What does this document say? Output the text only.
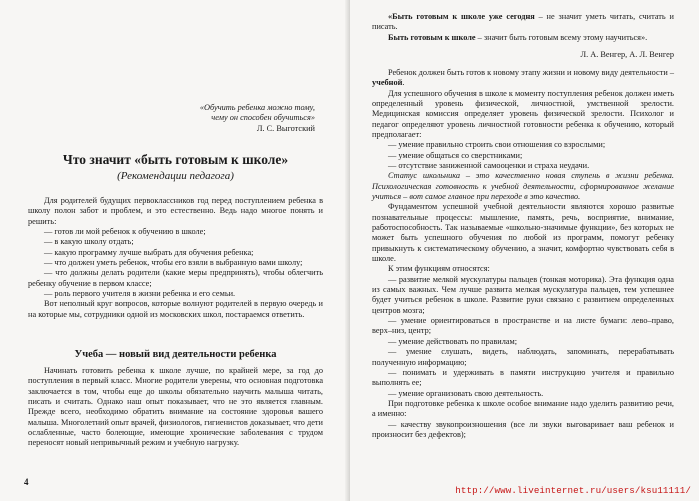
«Обучить ребенка можно тому,

чему он способен обучиться»

Л. С. Выготский

Что значит «быть готовым к школе»
(Рекомендации педагога)

Для родителей будущих первоклассников год перед поступлением ребенка в школу полон забот и проблем, и это естественно. Ведь надо многое понять и решить:

— готов ли мой ребенок к обучению в школе;

— в какую школу отдать;

— какую программу лучше выбрать для обучения ребенка;

— что должен уметь ребенок, чтобы его взяли в выбранную вами школу;

— что должны делать родители (какие меры предпринять), чтобы облегчить ребенку обучение в первом классе;

— роль первого учителя в жизни ребенка и его семьи.

Вот неполный круг вопросов, которые волнуют родителей в первую очередь и на которые мы, сотрудники одной из московских школ, постараемся ответить.

Учеба — новый вид деятельности ребенка

Начинать готовить ребенка к школе лучше, по крайней мере, за год до поступления в первый класс. Многие родители уверены, что основная подготовка заключается в том, чтобы еще до школы обязательно научить малыша читать, писать и считать. Однако наш опыт показывает, что не это является главным. Прежде всего, необходимо обратить внимание на состояние здоровья вашего малыша. Многолетний опыт врачей, физиологов, гигиенистов доказывает, что дети ослабленные, часто болеющие, имеющие хронические заболевания с трудом переносят новый непривычный режим и учебную нагрузку.

4

«Быть готовым к школе уже сегодня – не значит уметь читать, считать и писать.

Быть готовым к школе – значит быть готовым всему этому научиться».

Л. А. Венгер, А. Л. Венгер

Ребенок должен быть готов к новому этапу жизни и новому виду деятельности – учебной.

Для успешного обучения в школе к моменту поступления ребенок должен иметь определенный уровень физической, личностной, умственной зрелости. Медицинская комиссия определяет уровень физической зрелости. Психолог и педагог определяют уровень личностной готовности ребенка к обучению, который предполагает:

— умение правильно строить свои отношения со взрослыми;

— умение общаться со сверстниками;

— отсутствие заниженной самооценки и страха неудачи.

Статус школьника – это качественно новая ступень в жизни ребенка. Психологическая готовность к учебной деятельности, сформированное желание учиться – вот самое главное при переходе в это качество.

Фундаментом успешной учебной деятельности являются хорошо развитые познавательные процессы: мышление, память, речь, восприятие, внимание, работоспособность. Так называемые «школьно-значимые функции», без которых не может быть успешного обучения по любой из программ, помогут ребенку привыкнуть к систематическому обучению, а значит, комфортно чувствовать себя в школе.

К этим функциям относятся:

— развитие мелкой мускулатуры пальцев (тонкая моторика). Эта функция одна из самых важных. Чем лучше развита мелкая мускулатура пальцев, тем успешнее будет учиться ребенок в школе. Развитие руки связано с развитием определенных центров мозга;

— умение ориентироваться в пространстве и на листе бумаги: лево–право, верх–низ, центр;

— умение действовать по правилам;

— умение слушать, видеть, наблюдать, запоминать, перерабатывать полученную информацию;

— понимать и удерживать в памяти инструкцию учителя и правильно выполнять ее;

— умение организовать свою деятельность.

При подготовке ребенка к школе особое внимание надо уделить развитию речи, а именно:

— качеству звукопроизношения (все ли звуки выговаривает ваш ребенок и произносит без дефектов);

http://www.liveinternet.ru/users/ksu11111/
